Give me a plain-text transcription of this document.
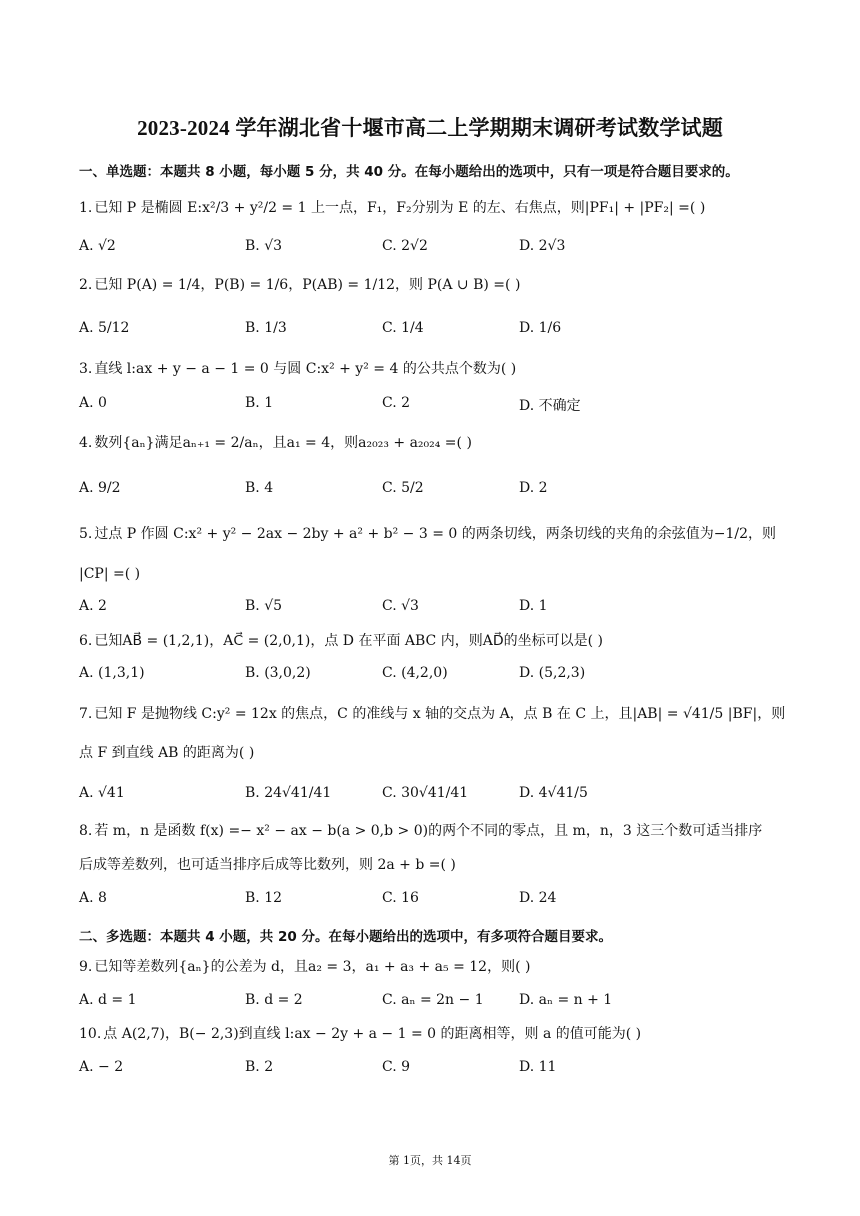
2023-2024 学年湖北省十堰市高二上学期期末调研考试数学试题
一、单选题：本题共 8 小题，每小题 5 分，共 40 分。在每小题给出的选项中，只有一项是符合题目要求的。
1. 已知 P 是椭圆 E:x²/3 + y²/2 = 1 上一点，F₁，F₂分别为 E 的左、右焦点，则|PF₁| + |PF₂| =( )
A. √2	B. √3	C. 2√2	D. 2√3
2. 已知 P(A) = 1/4，P(B) = 1/6，P(AB) = 1/12，则 P(A ∪ B) =( )
A. 5/12	B. 1/3	C. 1/4	D. 1/6
3. 直线 l:ax + y − a − 1 = 0 与圆 C:x² + y² = 4 的公共点个数为( )
A. 0	B. 1	C. 2	D. 不确定
4. 数列{aₙ}满足aₙ₊₁ = 2/aₙ，且a₁ = 4，则a₂₀₂₃ + a₂₀₂₄ =( )
A. 9/2	B. 4	C. 5/2	D. 2
5. 过点 P 作圆 C:x² + y² − 2ax − 2by + a² + b² − 3 = 0 的两条切线，两条切线的夹角的余弦值为−1/2，则
|CP| =( )
A. 2	B. √5	C. √3	D. 1
6. 已知AB⃗ = (1,2,1)，AC⃗ = (2,0,1)，点 D 在平面 ABC 内，则AD⃗的坐标可以是( )
A. (1,3,1)	B. (3,0,2)	C. (4,2,0)	D. (5,2,3)
7. 已知 F 是抛物线 C:y² = 12x 的焦点，C 的准线与 x 轴的交点为 A，点 B 在 C 上，且|AB| = √41/5 |BF|，则
点 F 到直线 AB 的距离为( )
A. √41	B. 24√41/41	C. 30√41/41	D. 4√41/5
8. 若 m，n 是函数 f(x) =− x² − ax − b(a > 0,b > 0)的两个不同的零点，且 m，n，3 这三个数可适当排序
后成等差数列，也可适当排序后成等比数列，则 2a + b =( )
A. 8	B. 12	C. 16	D. 24
二、多选题：本题共 4 小题，共 20 分。在每小题给出的选项中，有多项符合题目要求。
9. 已知等差数列{aₙ}的公差为 d，且a₂ = 3，a₁ + a₃ + a₅ = 12，则( )
A. d = 1	B. d = 2	C. aₙ = 2n − 1	D. aₙ = n + 1
10. 点 A(2,7)，B(− 2,3)到直线 l:ax − 2y + a − 1 = 0 的距离相等，则 a 的值可能为( )
A. − 2	B. 2	C. 9	D. 11
第 1页，共 14页
